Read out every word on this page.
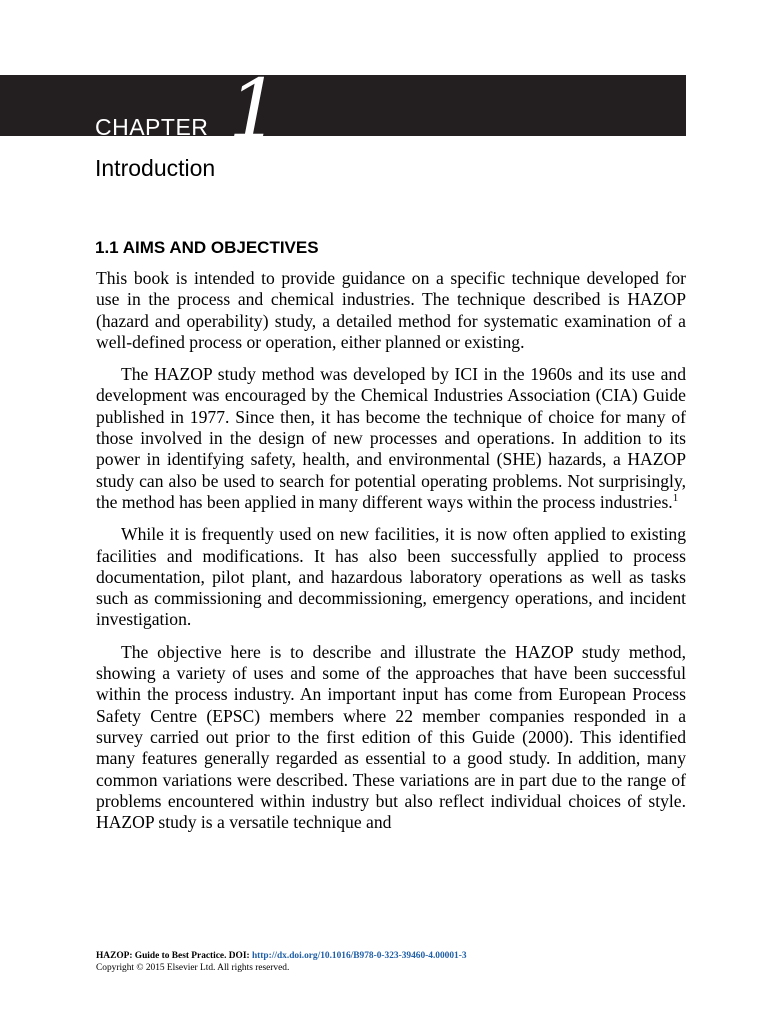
CHAPTER 1
Introduction
1.1 AIMS AND OBJECTIVES

This book is intended to provide guidance on a specific technique developed for use in the process and chemical industries. The technique described is HAZOP (hazard and operability) study, a detailed method for systematic examination of a well-defined process or operation, either planned or existing.

The HAZOP study method was developed by ICI in the 1960s and its use and development was encouraged by the Chemical Industries Association (CIA) Guide published in 1977. Since then, it has become the technique of choice for many of those involved in the design of new processes and operations. In addition to its power in identifying safety, health, and environmental (SHE) hazards, a HAZOP study can also be used to search for potential operating problems. Not surprisingly, the method has been applied in many different ways within the process industries.$^1$

While it is frequently used on new facilities, it is now often applied to existing facilities and modifications. It has also been successfully applied to process documentation, pilot plant, and hazardous laboratory operations as well as tasks such as commissioning and decommissioning, emergency operations, and incident investigation.

The objective here is to describe and illustrate the HAZOP study method, showing a variety of uses and some of the approaches that have been successful within the process industry. An important input has come from European Process Safety Centre (EPSC) members where 22 member companies responded in a survey carried out prior to the first edition of this Guide (2000). This identified many features generally regarded as essential to a good study. In addition, many common variations were described. These variations are in part due to the range of problems encountered within industry but also reflect individual choices of style. HAZOP study is a versatile technique and

HAZOP: Guide to Best Practice. DOI: http://dx.doi.org/10.1016/B978-0-323-39460-4.00001-3
Copyright © 2015 Elsevier Ltd. All rights reserved.
